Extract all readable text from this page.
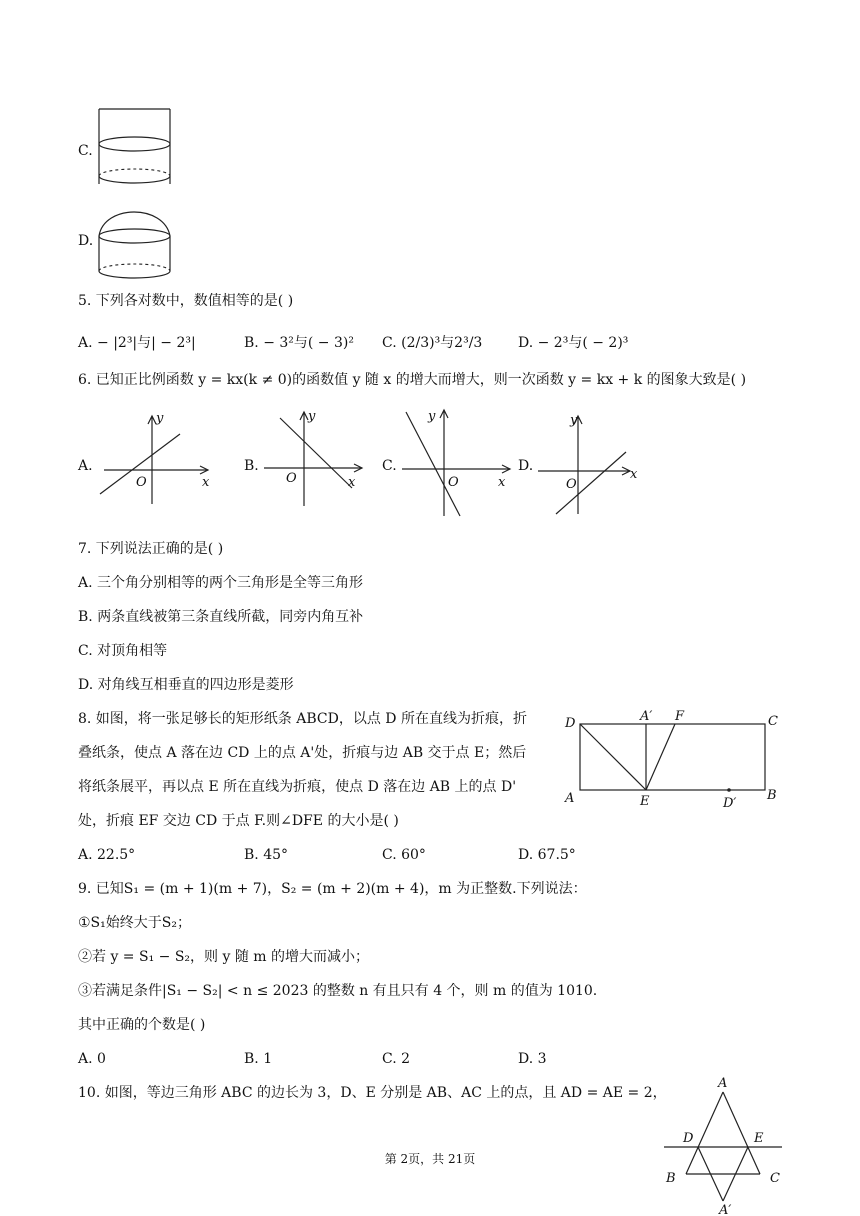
C.
D.
5. 下列各对数中，数值相等的是( )
A. − |2³|与| − 2³|	B. − 3²与( − 3)² C. (2/3)³与2³/3	D. − 2³与( − 2)³
6. 已知正比例函数 y = kx(k ≠ 0)的函数值 y 随 x 的增大而增大，则一次函数 y = kx + k 的图象大致是( )
A.
y
x
O
B.
y
x
O
C.
y
x
O
D.
y
x
O
7. 下列说法正确的是( )
A. 三个角分别相等的两个三角形是全等三角形
B. 两条直线被第三条直线所截，同旁内角互补
C. 对顶角相等
D. 对角线互相垂直的四边形是菱形
8. 如图，将一张足够长的矩形纸条 ABCD，以点 D 所在直线为折痕，折
叠纸条，使点 A 落在边 CD 上的点 A'处，折痕与边 AB 交于点 E；然后
将纸条展平，再以点 E 所在直线为折痕，使点 D 落在边 AB 上的点 D'
处，折痕 EF 交边 CD 于点 F.则∠DFE 的大小是( )
D	A′ F	C
A	E	D′
B
A. 22.5°	B. 45°	C. 60°	D. 67.5°
9. 已知S₁ = (m + 1)(m + 7)，S₂ = (m + 2)(m + 4)，m 为正整数.下列说法：
①S₁始终大于S₂；
②若 y = S₁ − S₂，则 y 随 m 的增大而减小；
③若满足条件|S₁ − S₂| < n ≤ 2023 的整数 n 有且只有 4 个，则 m 的值为 1010.
其中正确的个数是( )
A. 0	B. 1	C. 2	D. 3
10. 如图，等边三角形 ABC 的边长为 3，D、E 分别是 AB、AC 上的点，且 AD = AE = 2，
A
D	E
B	C
A′
第 2页，共 21页
